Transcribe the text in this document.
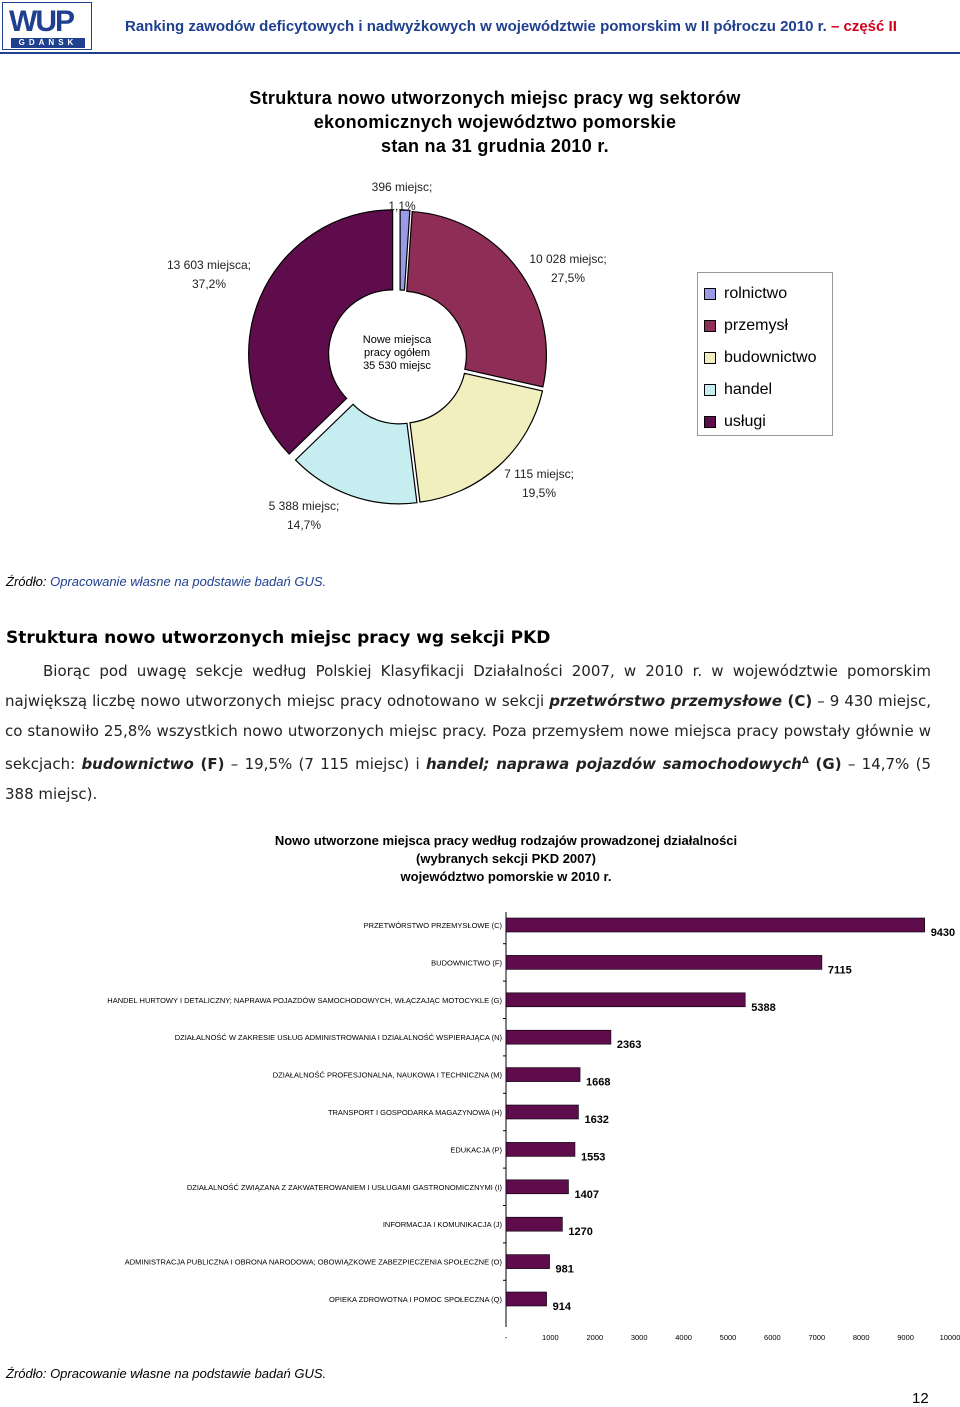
WUP
GDAŃSK
Ranking zawodów deficytowych i nadwyżkowych w województwie pomorskim w II półroczu 2010 r. – część II
Struktura nowo utworzonych miejsc pracy wg sektorów
ekonomicznych województwo pomorskie
stan na 31 grudnia 2010 r.
Nowe miejsca
pracy ogółem
35 530 miejsc
396 miejsc;
1,1%
10 028 miejsc;
27,5%
7 115 miejsc;
19,5%
5 388 miejsc;
14,7%
13 603 miejsca;
37,2%
rolnictwo
przemysł
budownictwo
handel
usługi
Źródło: Opracowanie własne na podstawie badań GUS.
Struktura nowo utworzonych miejsc pracy wg sekcji PKD
Biorąc pod uwagę sekcje według Polskiej Klasyfikacji Działalności 2007, w 2010 r. w województwie pomorskim największą liczbę nowo utworzonych miejsc pracy odnotowano w sekcji przetwórstwo przemysłowe (C) – 9 430 miejsc, co stanowiło 25,8% wszystkich nowo utworzonych miejsc pracy. Poza przemysłem nowe miejsca pracy powstały głównie w sekcjach: budownictwo (F) – 19,5% (7 115 miejsc) i handel; naprawa pojazdów samochodowych$^\Delta$ (G) – 14,7% (5 388 miejsc).
Nowo utworzone miejsca pracy według rodzajów prowadzonej działalności
(wybranych sekcji PKD 2007)
województwo pomorskie w 2010 r.
PRZETWÓRSTWO PRZEMYSŁOWE (C)
9430
BUDOWNICTWO (F)
7115
HANDEL HURTOWY I DETALICZNY; NAPRAWA POJAZDÓW SAMOCHODOWYCH, WŁĄCZAJĄC MOTOCYKLE (G)
5388
DZIAŁALNOŚĆ W ZAKRESIE USŁUG ADMINISTROWANIA I DZIAŁALNOŚĆ WSPIERAJĄCA (N)
2363
DZIAŁALNOŚĆ PROFESJONALNA, NAUKOWA I TECHNICZNA (M)
1668
TRANSPORT I GOSPODARKA MAGAZYNOWA (H)
1632
EDUKACJA (P)
1553
DZIAŁALNOŚĆ ZWIĄZANA Z ZAKWATEROWANIEM I USŁUGAMI GASTRONOMICZNYMI (I)
1407
INFORMACJA I KOMUNIKACJA (J)
1270
ADMINISTRACJA PUBLICZNA I OBRONA NARODOWA; OBOWIĄZKOWE ZABEZPIECZENIA SPOŁECZNE (O)
981
OPIEKA ZDROWOTNA I POMOC SPOŁECZNA (Q)
914
-	1000	2000	3000	4000	5000	6000	7000	8000	9000	10000
Źródło: Opracowanie własne na podstawie badań GUS.
12
